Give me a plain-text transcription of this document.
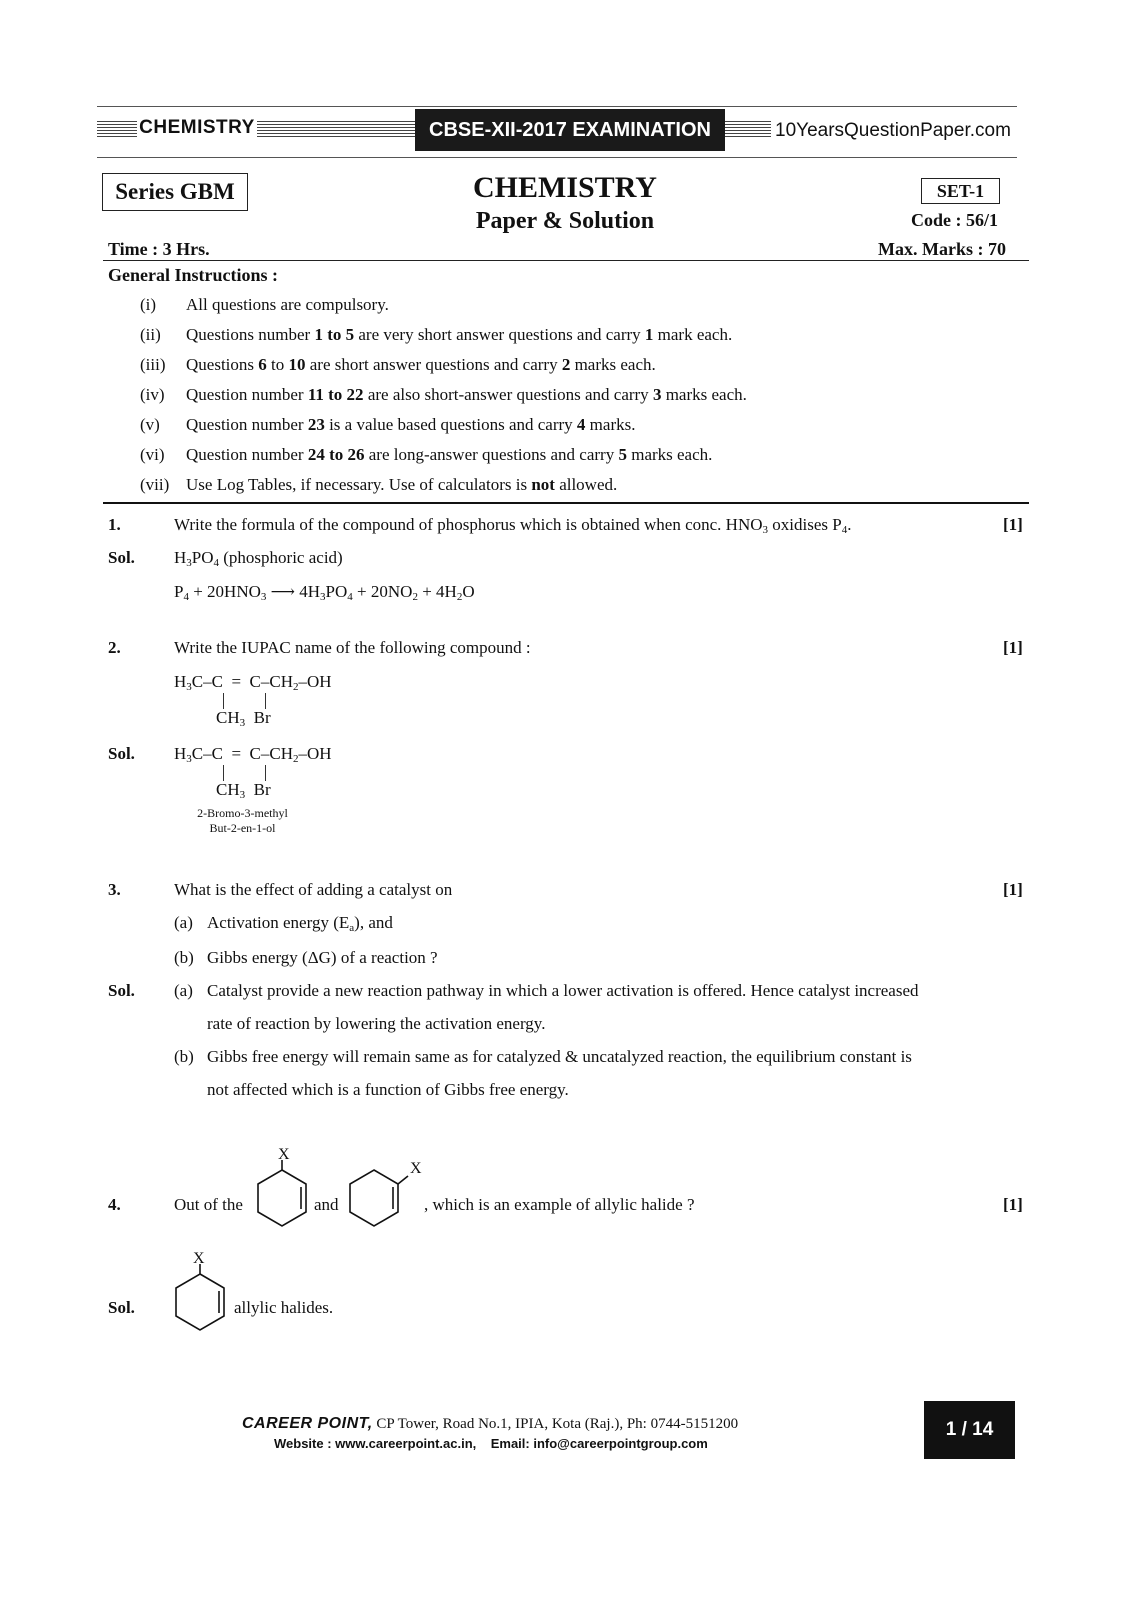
CHEMISTRY	CBSE-XII-2017 EXAMINATION	10YearsQuestionPaper.com
Series GBM	CHEMISTRY
Paper & Solution
SET-1
Code : 56/1
Time : 3 Hrs.	Max. Marks : 70
General Instructions :
(i) All questions are compulsory.
(ii) Questions number 1 to 5 are very short answer questions and carry 1 mark each.
(iii) Questions 6 to 10 are short answer questions and carry 2 marks each.
(iv) Question number 11 to 22 are also short-answer questions and carry 3 marks each.
(v) Question number 23 is a value based questions and carry 4 marks.
(vi) Question number 24 to 26 are long-answer questions and carry 5 marks each.
(vii) Use Log Tables, if necessary. Use of calculators is not allowed.
1.	Write the formula of the compound of phosphorus which is obtained when conc. $HNO_3$ oxidises $P_4$.	[1]
Sol. $H_3PO_4$ (phosphoric acid)
$P_4 + 20HNO_3$ ⟶ $4H_3PO_4 + 20NO_2 + 4H_2O$
2.	Write the IUPAC name of the following compound :	[1]
$H_3C-C = C-CH_2-OH$
$CH_3$  Br
Sol. $H_3C-C = C-CH_2-OH$
$CH_3$  Br
2-Bromo-3-methyl
But-2-en-1-ol
3.	What is the effect of adding a catalyst on	[1]
(a) Activation energy $(E_a)$, and
(b) Gibbs energy (ΔG) of a reaction ?
Sol. (a) Catalyst provide a new reaction pathway in which a lower activation is offered. Hence catalyst increased
rate of reaction by lowering the activation energy.
(b) Gibbs free energy will remain same as for catalyzed & uncatalyzed reaction, the equilibrium constant is
not affected which is a function of Gibbs free energy.
4.	Out of the
X
and
X
, which is an example of allylic halide ?	[1]
Sol.
X
allylic halides.
CAREER POINT, CP Tower, Road No.1, IPIA, Kota (Raj.), Ph: 0744-5151200
Website : www.careerpoint.ac.in,    Email: info@careerpointgroup.com
1 / 14
